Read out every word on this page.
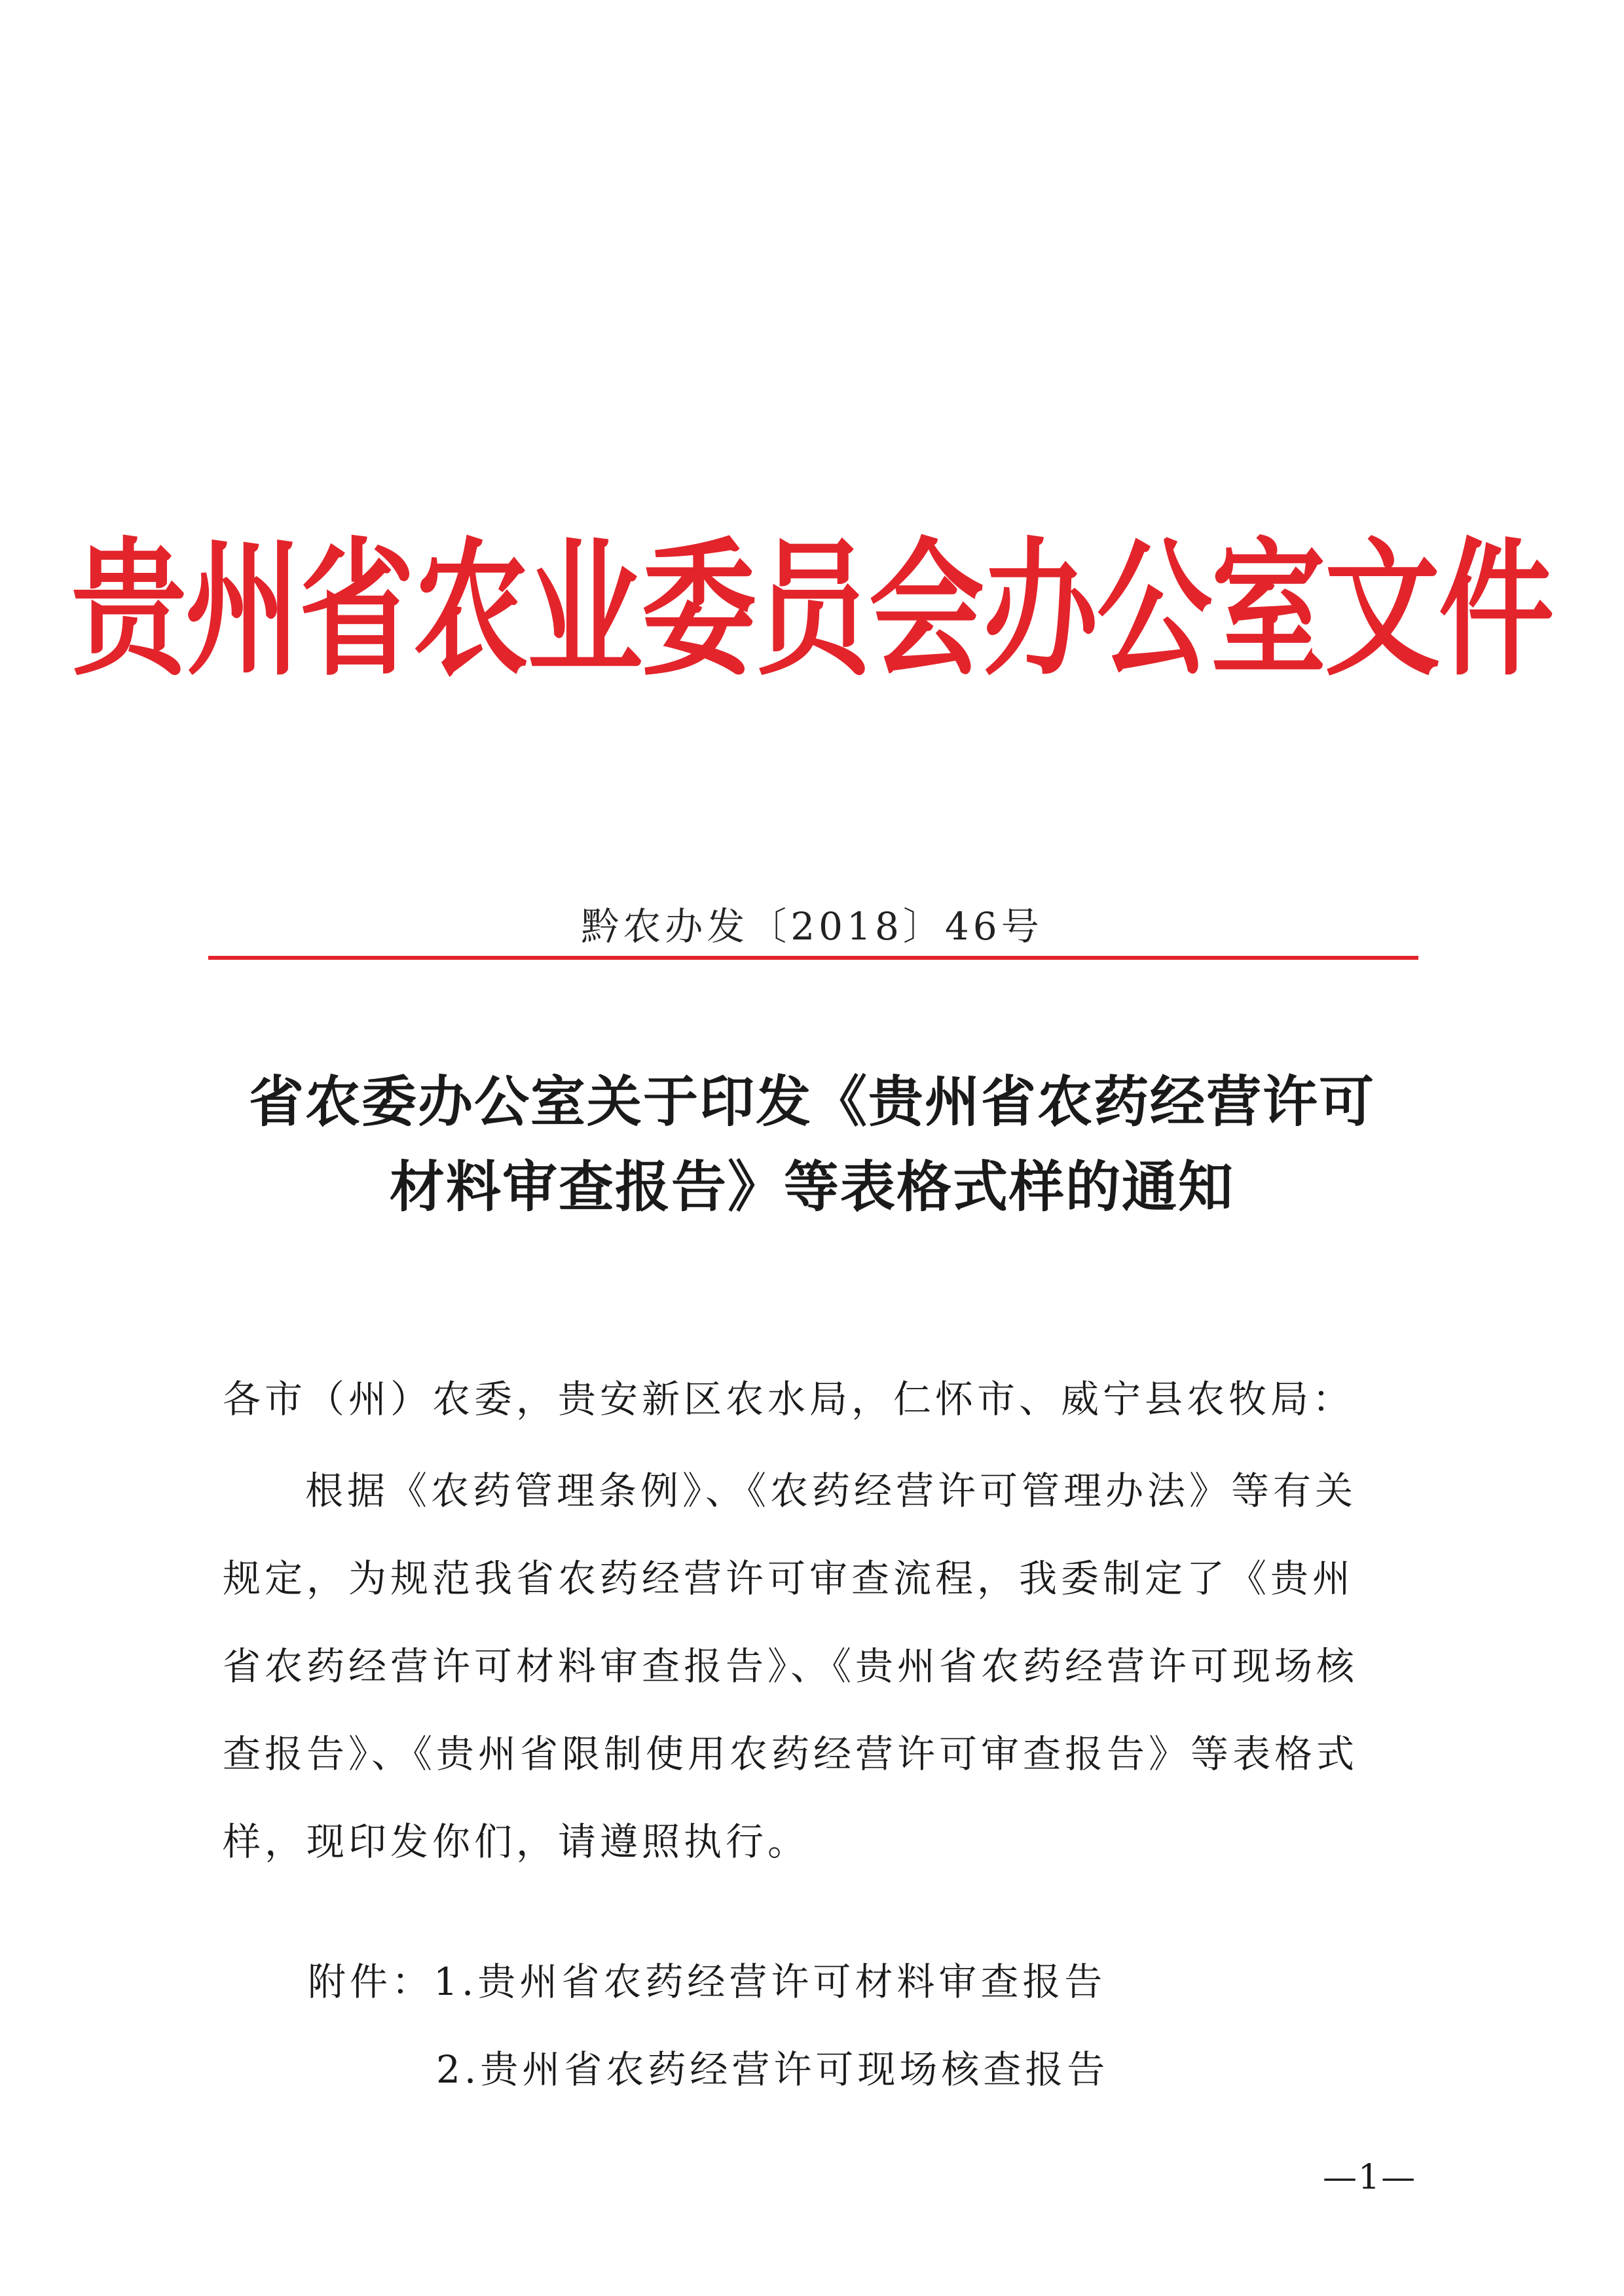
贵州省农业委员会办公室文件
黔农办发〔2018〕46号
省农委办公室关于印发《贵州省农药经营许可
材料审查报告》等表格式样的通知
各市（州）农委，贵安新区农水局，仁怀市、威宁县农牧局：
根据《农药管理条例》、《农药经营许可管理办法》等有关
规定，为规范我省农药经营许可审查流程，我委制定了《贵州
省农药经营许可材料审查报告》、《贵州省农药经营许可现场核
查报告》、《贵州省限制使用农药经营许可审查报告》等表格式
样，现印发你们，请遵照执行。
附件：1.贵州省农药经营许可材料审查报告
2.贵州省农药经营许可现场核查报告
—1—
